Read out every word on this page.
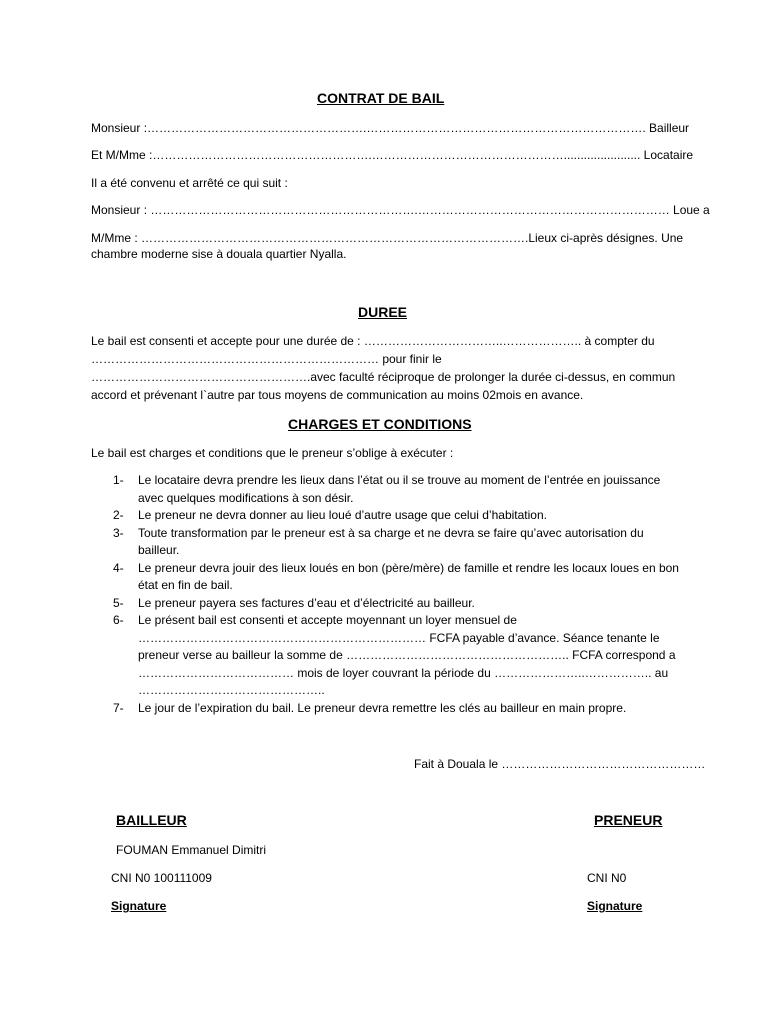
CONTRAT DE BAIL
Monsieur :……………………………………………….……………………………………………………………. Bailleur
Et M/Mme :……………………………………………….…………………………………………....................... Locataire
Il a été convenu et arrêté ce qui suit :
Monsieur : ………………………………………………………….……………………………………………………… Loue a
M/Mme : …………………………………………………………………………………….Lieux ci-après désignes. Une
chambre moderne sise à douala quartier Nyalla.
DUREE
Le bail est consenti et accepte pour une durée de : ……………………………..……………….. à compter du ……………………………………………………………… pour finir le ……………………………………………….avec faculté réciproque de prolonger la durée ci-dessus, en commun accord et prévenant l`autre par tous moyens de communication au moins 02mois en avance.
CHARGES ET CONDITIONS
Le bail est charges et conditions que le preneur s’oblige à exécuter :
1- Le locataire devra prendre les lieux dans l’état ou il se trouve au moment de l’entrée en jouissance avec quelques modifications à son désir.
2- Le preneur ne devra donner au lieu loué d’autre usage que celui d’habitation.
3- Toute transformation par le preneur est à sa charge et ne devra se faire qu’avec autorisation du bailleur.
4- Le preneur devra jouir des lieux loués en bon (père/mère) de famille et rendre les locaux loues en bon état en fin de bail.
5- Le preneur payera ses factures d’eau et d’électricité au bailleur.
6- Le présent bail est consenti et accepte moyennant un loyer mensuel de ……………………………………………………………… FCFA payable d’avance. Séance tenante le preneur verse au bailleur la somme de ……………………………………………….. FCFA correspond a ………………………………… mois de loyer couvrant la période du …………………..…………….. au ………………………………………..
7- Le jour de l’expiration du bail. Le preneur devra remettre les clés au bailleur en main propre.
Fait à Douala le ……………………………………………
BAILLEUR	PRENEUR
FOUMAN Emmanuel Dimitri
CNI N0 100111009	CNI N0
Signature	Signature
